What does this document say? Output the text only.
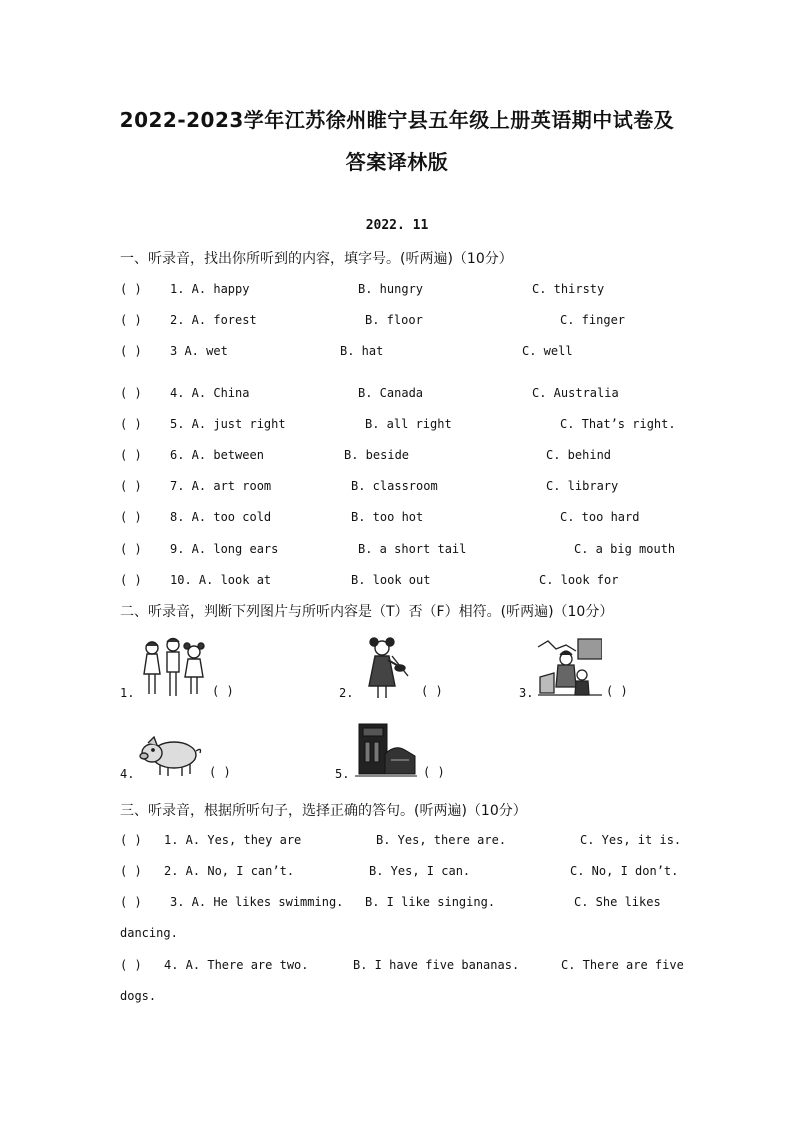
2022-2023学年江苏徐州睢宁县五年级上册英语期中试卷及
答案译林版
2022. 11
一、听录音，找出你所听到的内容，填字号。(听两遍)（10分）
( ) 1. A. happy	B. hungry	C. thirsty
( ) 2. A. forest	B. floor	C. finger
( ) 3 A. wet	B. hat	C. well
( ) 4. A. China	B. Canada	C. Australia
( ) 5. A. just right	B. all right	C. That’s right.
( ) 6. A. between	B. beside	C. behind
( ) 7. A. art room	B. classroom	C. library
( ) 8. A. too cold	B. too hot	C. too hard
( ) 9. A. long ears	B. a short tail	C. a big mouth
( ) 10. A. look at	B. look out	C. look for
二、听录音，判断下列图片与所听内容是（T）否（F）相符。(听两遍)（10分）
1.	( )	2.	( )	3.	( )
4.	( )	5.	( )
三、听录音，根据所听句子，选择正确的答句。(听两遍)（10分）
( ) 1. A. Yes, they are	B. Yes, there are.	C. Yes, it is.
( ) 2. A. No, I can’t.	B. Yes, I can.	C. No, I don’t.
( ) 3. A. He likes swimming. B. I like singing.	C. She likes
dancing.
( ) 4. A. There are two.	B. I have five bananas.	C. There are five
dogs.
